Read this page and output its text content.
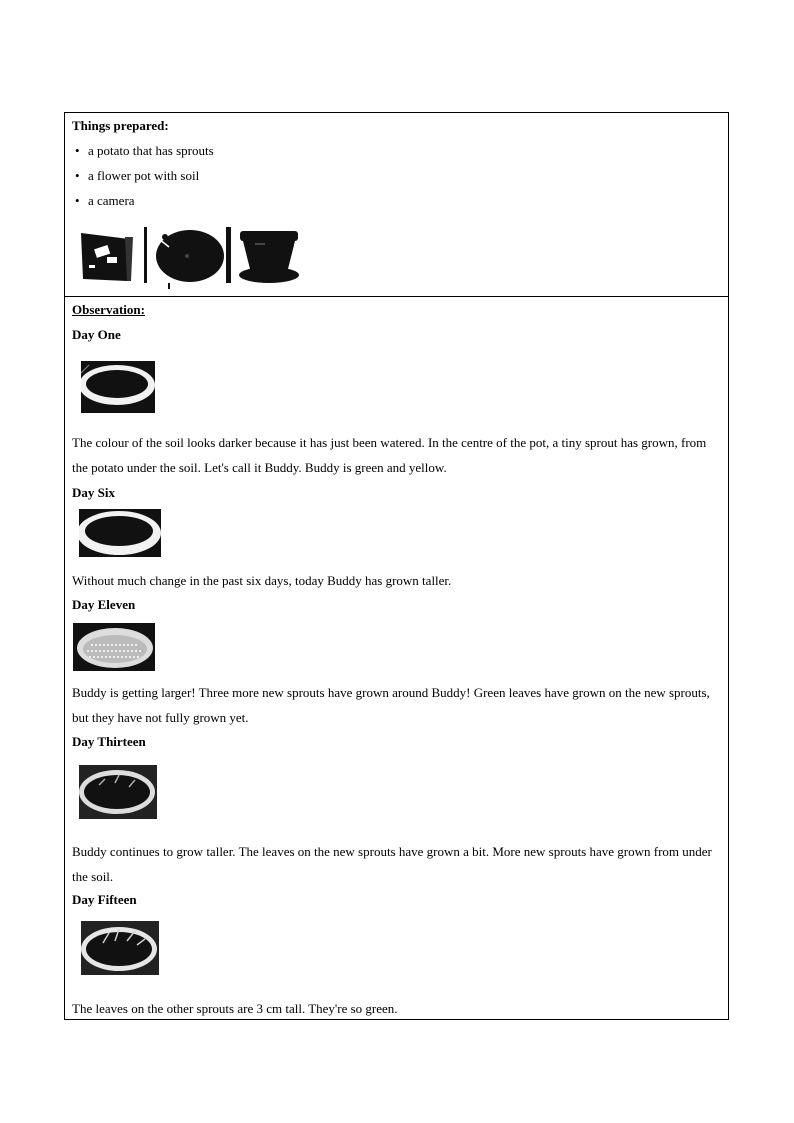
Things prepared:
• a potato that has sprouts
• a flower pot with soil
• a camera
Observation:
Day One
The colour of the soil looks darker because it has just been watered. In the centre of the pot, a tiny sprout has grown, from the potato under the soil. Let's call it Buddy. Buddy is green and yellow.
Day Six
Without much change in the past six days, today Buddy has grown taller.
Day Eleven
Buddy is getting larger! Three more new sprouts have grown around Buddy! Green leaves have grown on the new sprouts, but they have not fully grown yet.
Day Thirteen
Buddy continues to grow taller. The leaves on the new sprouts have grown a bit. More new sprouts have grown from under the soil.
Day Fifteen
The leaves on the other sprouts are 3 cm tall. They're so green.
